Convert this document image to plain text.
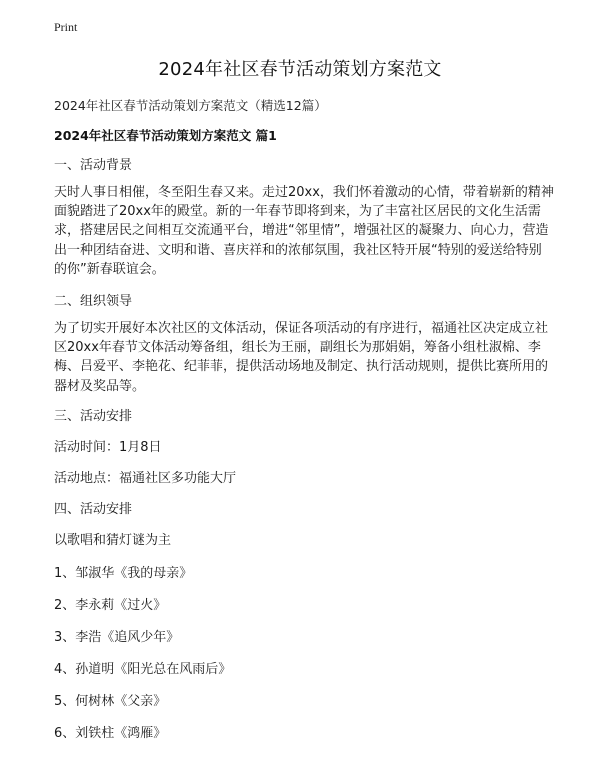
Print
2024年社区春节活动策划方案范文
2024年社区春节活动策划方案范文（精选12篇）
2024年社区春节活动策划方案范文 篇1
一、活动背景
天时人事日相催，冬至阳生春又来。走过20xx，我们怀着激动的心情，带着崭新的精神面貌踏进了20xx年的殿堂。新的一年春节即将到来，为了丰富社区居民的文化生活需求，搭建居民之间相互交流通平台，增进“邻里情”，增强社区的凝聚力、向心力，营造出一种团结奋进、文明和谐、喜庆祥和的浓郁氛围，我社区特开展“特别的爱送给特别的你”新春联谊会。
二、组织领导
为了切实开展好本次社区的文体活动，保证各项活动的有序进行，福通社区决定成立社区20xx年春节文体活动筹备组，组长为王丽，副组长为那娟娟，筹备小组杜淑棉、李梅、吕爱平、李艳花、纪菲菲，提供活动场地及制定、执行活动规则，提供比赛所用的器材及奖品等。
三、活动安排
活动时间：1月8日
活动地点：福通社区多功能大厅
四、活动安排
以歌唱和猜灯谜为主
1、邹淑华《我的母亲》
2、李永莉《过火》
3、李浩《追风少年》
4、孙道明《阳光总在风雨后》
5、何树林《父亲》
6、刘铁柱《鸿雁》
